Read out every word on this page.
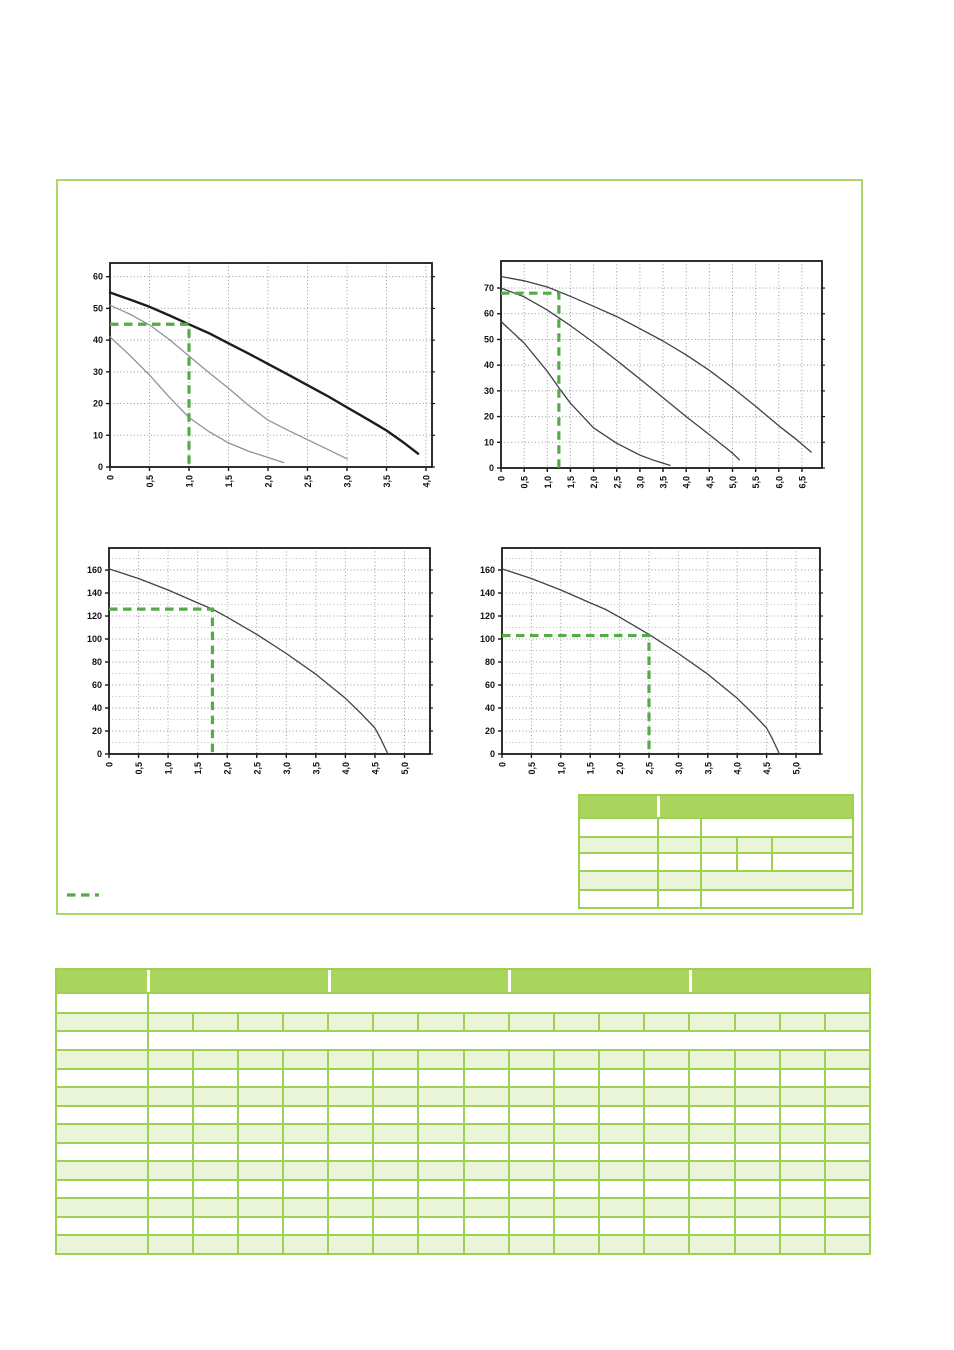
0
10
20
30
40
50
60
0	0,5	1,0	1,5	2,0	2,5	3,0	3,5	4,0
0
10
20
30
40
50
60
70
0 0,5 1,0 1,5 2,0 2,5 3,0 3,5 4,0 4,5 5,0 5,5 6,0 6,5
0
20
40
60
80
100
120
140
160
0 0,5 1,0 1,5 2,0 2,5 3,0 3,5 4,0 4,5 5,0
0
20
40
60
80
100
120
140
160
0 0,5 1,0 1,5 2,0 2,5 3,0 3,5 4,0 4,5 5,0
